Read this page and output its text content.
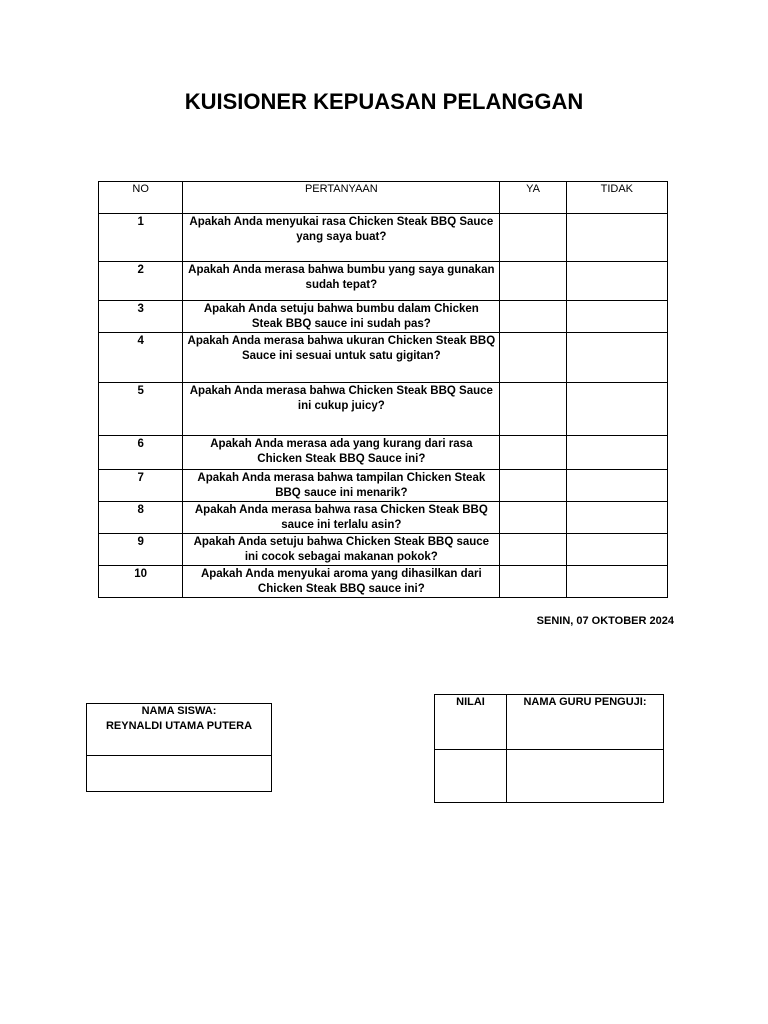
KUISIONER KEPUASAN PELANGGAN
NO	PERTANYAAN	YA	TIDAK
1	Apakah Anda menyukai rasa Chicken Steak BBQ Sauce yang saya buat?		
2	Apakah Anda merasa bahwa bumbu yang saya gunakan sudah tepat?		
3	Apakah Anda setuju bahwa bumbu dalam Chicken Steak BBQ sauce ini sudah pas?		
4	Apakah Anda merasa bahwa ukuran Chicken Steak BBQ Sauce ini sesuai untuk satu gigitan?		
5	Apakah Anda merasa bahwa Chicken Steak BBQ Sauce ini cukup juicy?		
6	Apakah Anda merasa ada yang kurang dari rasa Chicken Steak BBQ Sauce ini?		
7	Apakah Anda merasa bahwa tampilan Chicken Steak BBQ sauce ini menarik?		
8	Apakah Anda merasa bahwa rasa Chicken Steak BBQ sauce ini terlalu asin?		
9	Apakah Anda setuju bahwa Chicken Steak BBQ sauce ini cocok sebagai makanan pokok?		
10	Apakah Anda menyukai aroma yang dihasilkan dari Chicken Steak BBQ sauce ini?		
SENIN, 07 OKTOBER 2024
NAMA SISWA:
REYNALDI UTAMA PUTERA

NILAI	NAMA GURU PENGUJI:
